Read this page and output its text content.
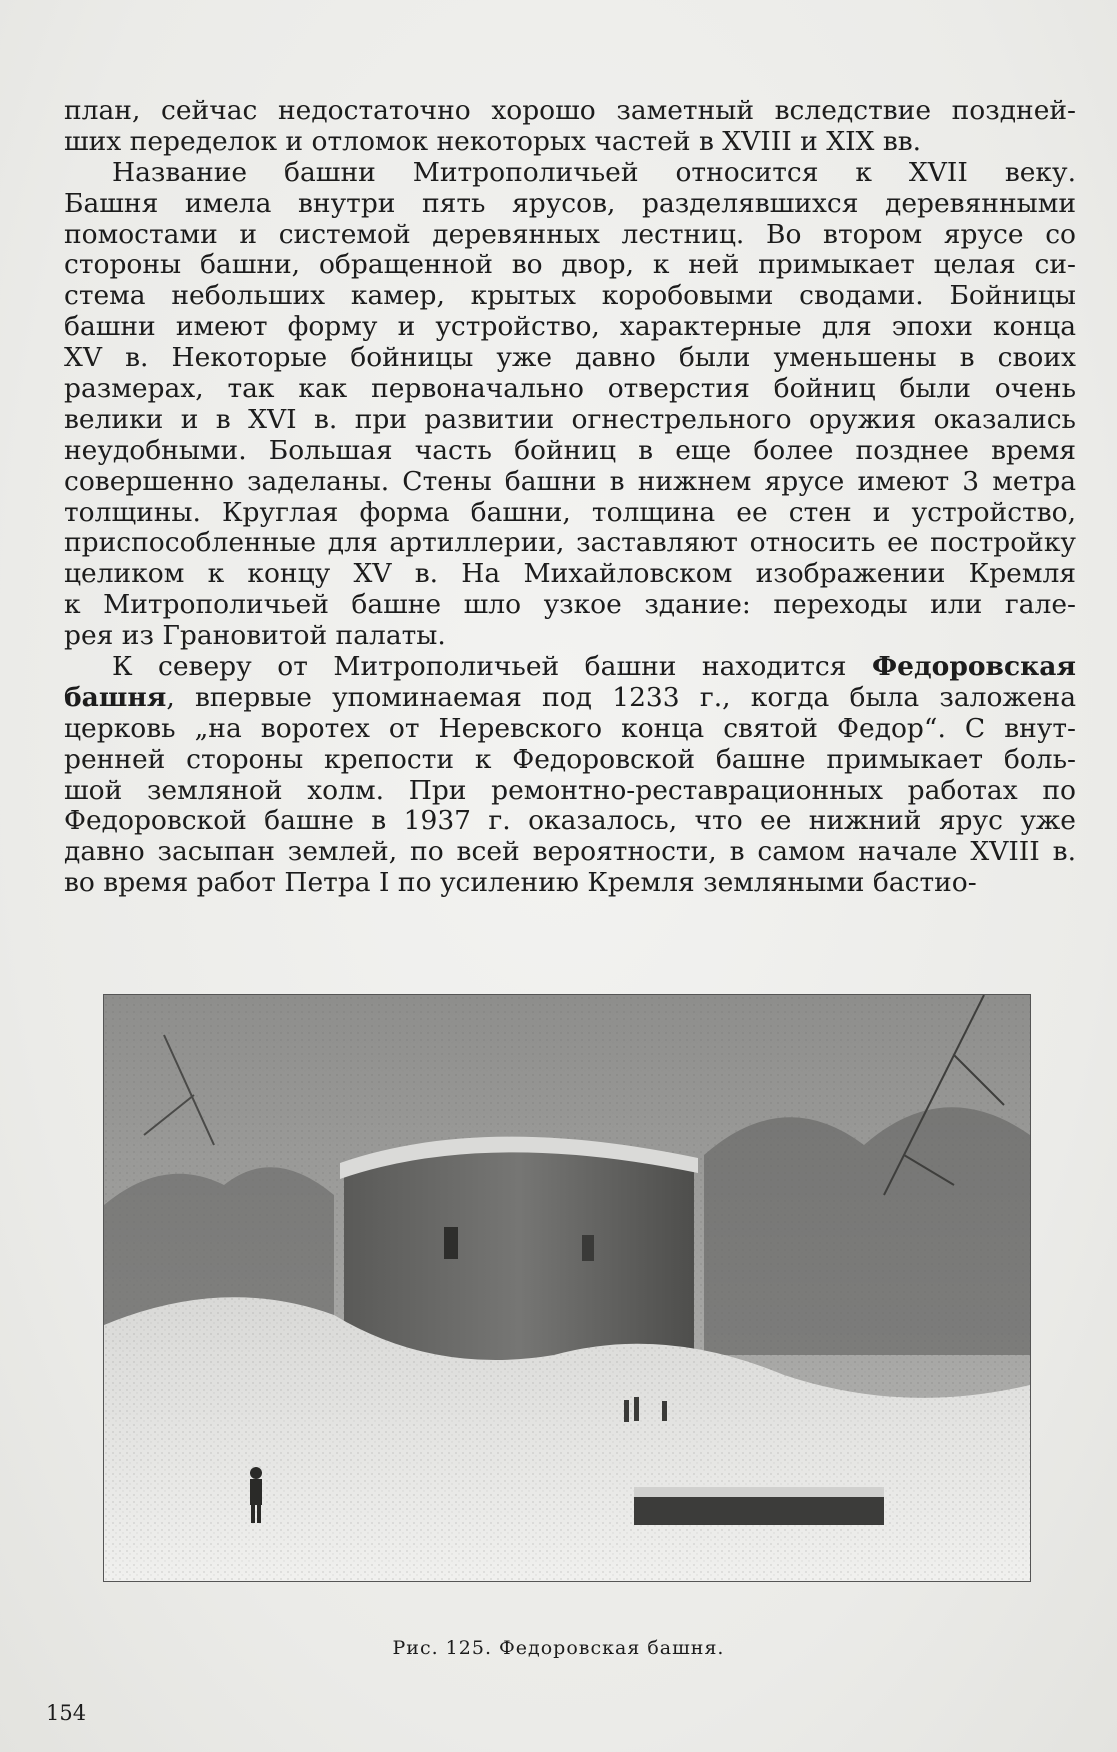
план, сейчас недостаточно хорошо заметный вследствие поздней-
ших переделок и отломок некоторых частей в XVIII и XIX вв.

Название башни Митрополичьей относится к XVII веку.
Башня имела внутри пять ярусов, разделявшихся деревянными
помостами и системой деревянных лестниц. Во втором ярусе со
стороны башни, обращенной во двор, к ней примыкает целая си-
стема небольших камер, крытых коробовыми сводами. Бойницы
башни имеют форму и устройство, характерные для эпохи конца
XV в. Некоторые бойницы уже давно были уменьшены в своих
размерах, так как первоначально отверстия бойниц были очень
велики и в XVI в. при развитии огнестрельного оружия оказались
неудобными. Большая часть бойниц в еще более позднее время
совершенно заделаны. Стены башни в нижнем ярусе имеют 3 метра
толщины. Круглая форма башни, толщина ее стен и устройство,
приспособленные для артиллерии, заставляют относить ее постройку
целиком к концу XV в. На Михайловском изображении Кремля
к Митрополичьей башне шло узкое здание: переходы или гале-
рея из Грановитой палаты.

К северу от Митрополичьей башни находится Федоровская
башня, впервые упоминаемая под 1233 г., когда была заложена
церковь „на воротех от Неревского конца святой Федор“. С внут-
ренней стороны крепости к Федоровской башне примыкает боль-
шой земляной холм. При ремонтно-реставрационных работах по
Федоровской башне в 1937 г. оказалось, что ее нижний ярус уже
давно засыпан землей, по всей вероятности, в самом начале XVIII в.
во время работ Петра I по усилению Кремля земляными бастио-

Рис. 125. Федоровская башня.
154
